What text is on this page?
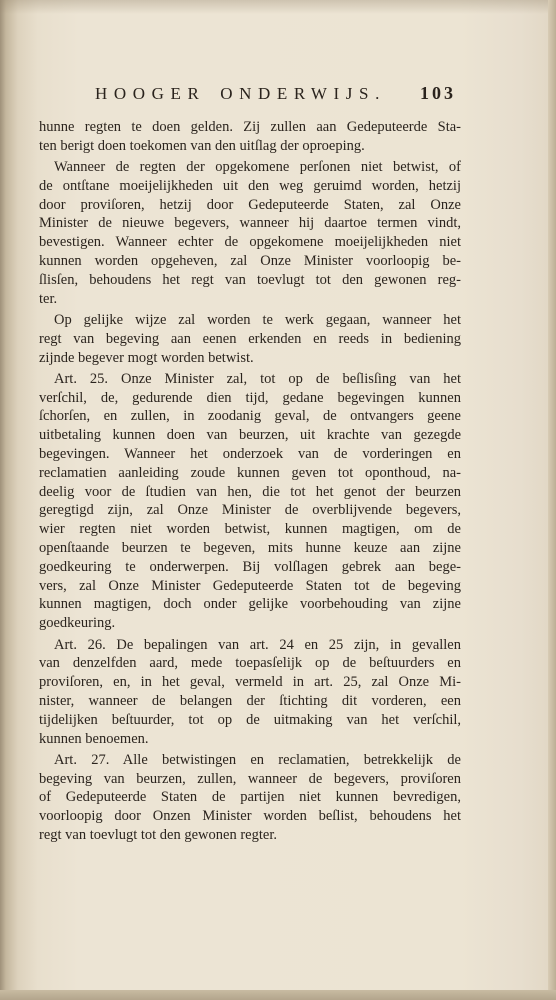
HOOGER ONDERWIJS.	103
hunne regten te doen gelden. Zij zullen aan Gedeputeerde Sta-
ten berigt doen toekomen van den uitſlag der oproeping.
Wanneer de regten der opgekomene perſonen niet betwist, of
de ontſtane moeijelijkheden uit den weg geruimd worden, hetzij
door proviſoren, hetzij door Gedeputeerde Staten, zal Onze
Minister de nieuwe begevers, wanneer hij daartoe termen vindt,
bevestigen. Wanneer echter de opgekomene moeijelijkheden niet
kunnen worden opgeheven, zal Onze Minister voorloopig be-
ſlisſen, behoudens het regt van toevlugt tot den gewonen reg-
ter.
Op gelijke wijze zal worden te werk gegaan, wanneer het
regt van begeving aan eenen erkenden en reeds in bediening
zijnde begever mogt worden betwist.
Art. 25. Onze Minister zal, tot op de beſlisſing van het
verſchil, de, gedurende dien tijd, gedane begevingen kunnen
ſchorſen, en zullen, in zoodanig geval, de ontvangers geene
uitbetaling kunnen doen van beurzen, uit krachte van gezegde
begevingen. Wanneer het onderzoek van de vorderingen en
reclamatien aanleiding zoude kunnen geven tot oponthoud, na-
deelig voor de ſtudien van hen, die tot het genot der beurzen
geregtigd zijn, zal Onze Minister de overblijvende begevers,
wier regten niet worden betwist, kunnen magtigen, om de
openſtaande beurzen te begeven, mits hunne keuze aan zijne
goedkeuring te onderwerpen. Bij volſlagen gebrek aan bege-
vers, zal Onze Minister Gedeputeerde Staten tot de begeving
kunnen magtigen, doch onder gelijke voorbehouding van zijne
goedkeuring.
Art. 26. De bepalingen van art. 24 en 25 zijn, in gevallen
van denzelfden aard, mede toepasſelijk op de beſtuurders en
proviſoren, en, in het geval, vermeld in art. 25, zal Onze Mi-
nister, wanneer de belangen der ſtichting dit vorderen, een
tijdelijken beſtuurder, tot op de uitmaking van het verſchil,
kunnen benoemen.
Art. 27. Alle betwistingen en reclamatien, betrekkelijk de
begeving van beurzen, zullen, wanneer de begevers, proviſoren
of Gedeputeerde Staten de partijen niet kunnen bevredigen,
voorloopig door Onzen Minister worden beſlist, behoudens het
regt van toevlugt tot den gewonen regter.
